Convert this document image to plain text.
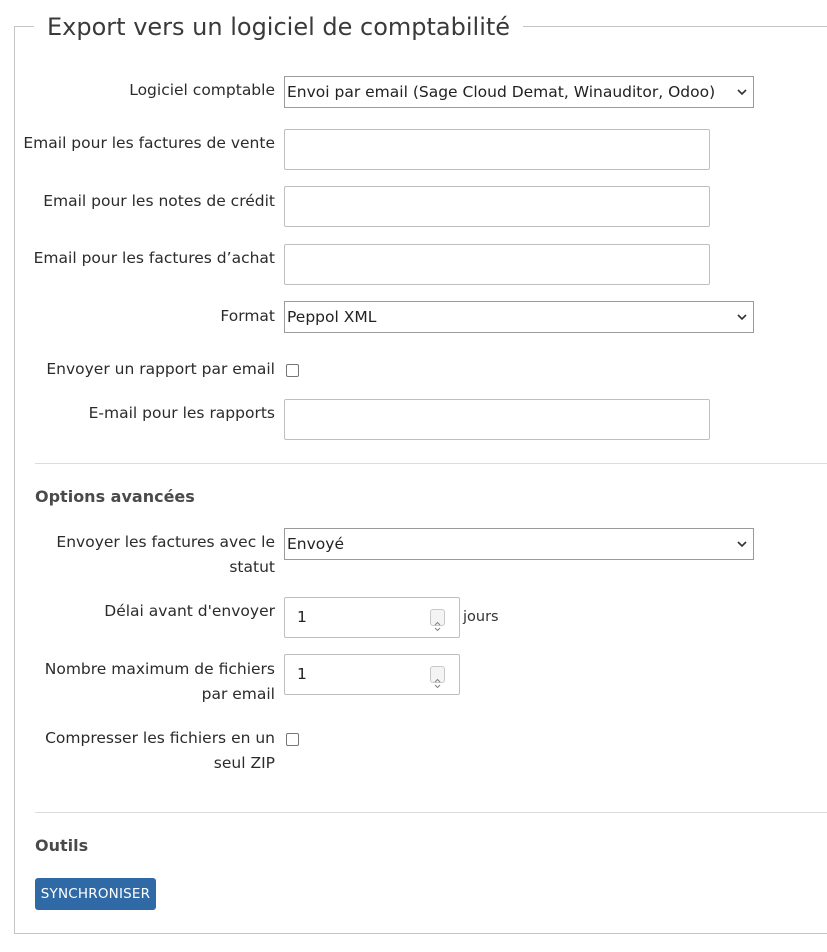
Export vers un logiciel de comptabilité
Logiciel comptable Envoi par email (Sage Cloud Demat, Winauditor, Odoo)
Email pour les factures de vente
Email pour les notes de crédit
Email pour les factures d’achat
Format Peppol XML
Envoyer un rapport par email
E-mail pour les rapports
Options avancées
Envoyer les factures avec le statut
Envoyé
Délai avant d'envoyer	1	jours
Nombre maximum de fichiers par email
1
Compresser les fichiers en un seul ZIP
Outils
SYNCHRONISER
